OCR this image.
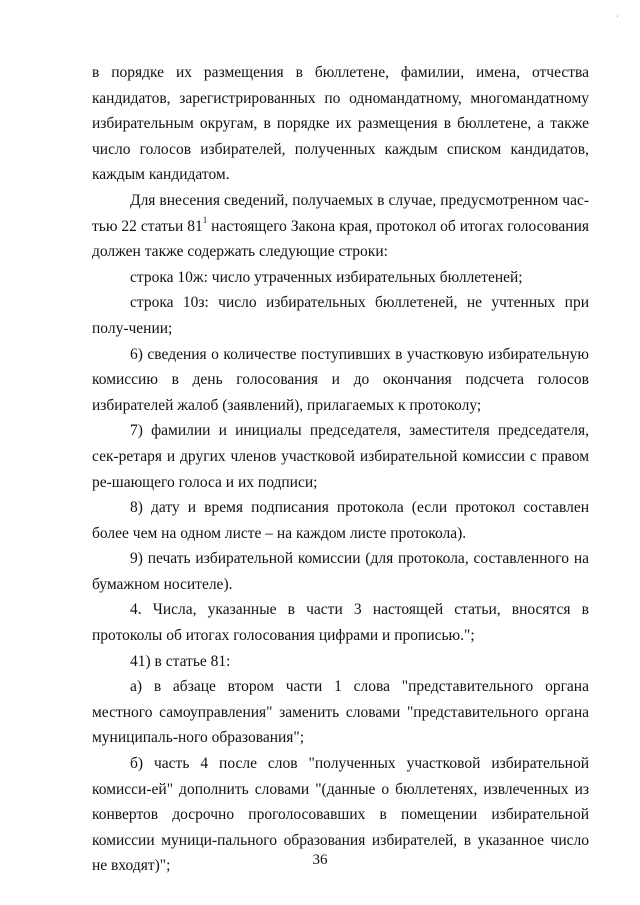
'

в порядке их размещения в бюллетене, фамилии, имена, отчества кандидатов, зарегистрированных по одномандатному, многомандатному избирательным округам, в порядке их размещения в бюллетене, а также число голосов избирателей, полученных каждым списком кандидатов, каждым кандидатом.

Для внесения сведений, получаемых в случае, предусмотренном час-тью 22 статьи $81^1$ настоящего Закона края, протокол об итогах голосования должен также содержать следующие строки:

строка 10ж: число утраченных избирательных бюллетеней;

строка 10з: число избирательных бюллетеней, не учтенных при полу-чении;

6) сведения о количестве поступивших в участковую избирательную комиссию в день голосования и до окончания подсчета голосов избирателей жалоб (заявлений), прилагаемых к протоколу;

7) фамилии и инициалы председателя, заместителя председателя, сек-ретаря и других членов участковой избирательной комиссии с правом ре-шающего голоса и их подписи;

8) дату и время подписания протокола (если протокол составлен более чем на одном листе – на каждом листе протокола).

9) печать избирательной комиссии (для протокола, составленного на бумажном носителе).

4. Числа, указанные в части 3 настоящей статьи, вносятся в протоколы об итогах голосования цифрами и прописью.";

41) в статье 81:

а) в абзаце втором части 1 слова "представительного органа местного самоуправления" заменить словами "представительного органа муниципаль-ного образования";

б) часть 4 после слов "полученных участковой избирательной комисси-ей" дополнить словами "(данные о бюллетенях, извлеченных из конвертов досрочно проголосовавших в помещении избирательной комиссии муници-пального образования избирателей, в указанное число не входят)";	36
